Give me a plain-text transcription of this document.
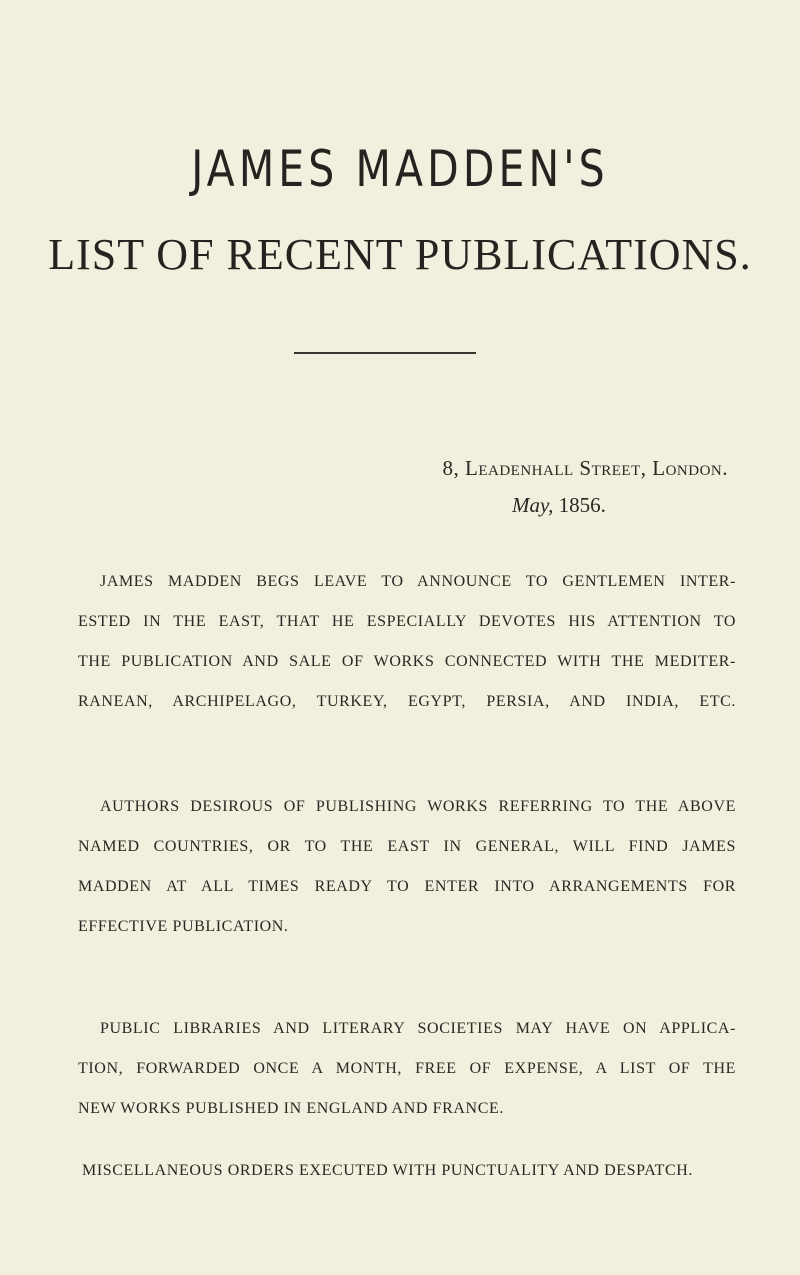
JAMES MADDEN'S
LIST OF RECENT PUBLICATIONS.
8, Leadenhall Street, London.
May, 1856.
JAMES MADDEN BEGS LEAVE TO ANNOUNCE TO GENTLEMEN INTER-
ESTED IN THE EAST, THAT HE ESPECIALLY DEVOTES HIS ATTENTION TO
THE PUBLICATION AND SALE OF WORKS CONNECTED WITH THE MEDITER-
RANEAN, ARCHIPELAGO, TURKEY, EGYPT, PERSIA, AND INDIA, ETC.
AUTHORS DESIROUS OF PUBLISHING WORKS REFERRING TO THE ABOVE
NAMED COUNTRIES, OR TO THE EAST IN GENERAL, WILL FIND JAMES
MADDEN AT ALL TIMES READY TO ENTER INTO ARRANGEMENTS FOR
EFFECTIVE PUBLICATION.
PUBLIC LIBRARIES AND LITERARY SOCIETIES MAY HAVE ON APPLICA-
TION, FORWARDED ONCE A MONTH, FREE OF EXPENSE, A LIST OF THE
NEW WORKS PUBLISHED IN ENGLAND AND FRANCE.
MISCELLANEOUS ORDERS EXECUTED WITH PUNCTUALITY AND DESPATCH.
